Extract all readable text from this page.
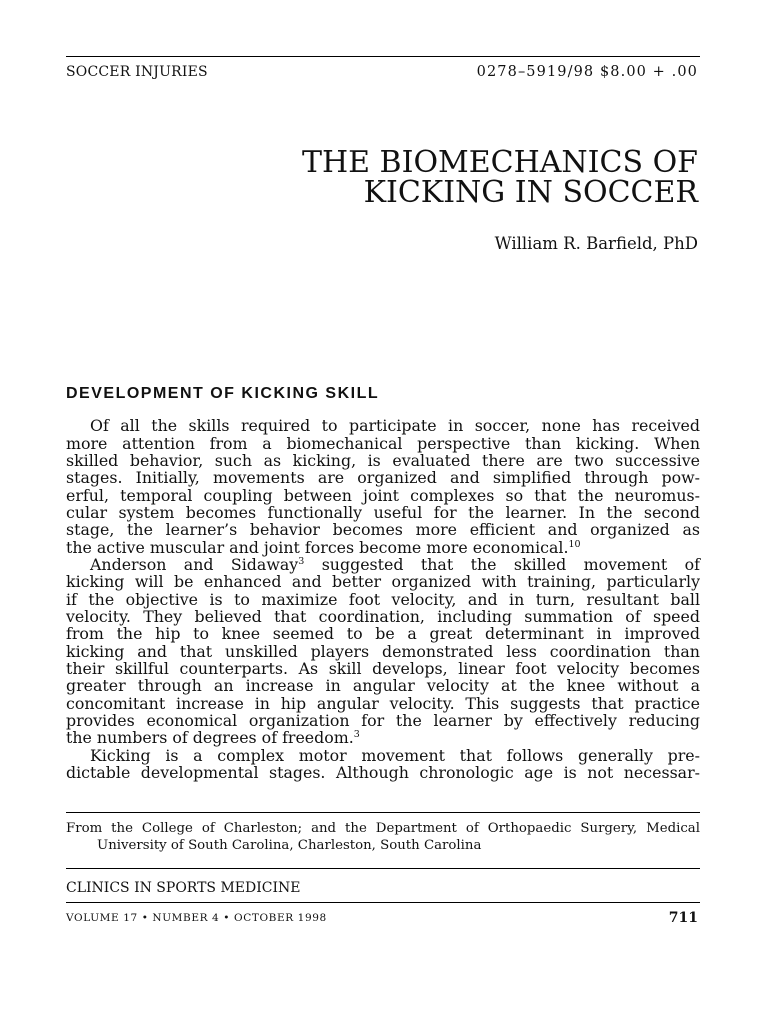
SOCCER INJURIES	0278–5919/98 $8.00 + .00
THE BIOMECHANICS OF
KICKING IN SOCCER
William R. Barfield, PhD
DEVELOPMENT OF KICKING SKILL
Of all the skills required to participate in soccer, none has received
more attention from a biomechanical perspective than kicking. When
skilled behavior, such as kicking, is evaluated there are two successive
stages. Initially, movements are organized and simplified through pow-
erful, temporal coupling between joint complexes so that the neuromus-
cular system becomes functionally useful for the learner. In the second
stage, the learner’s behavior becomes more efficient and organized as
the active muscular and joint forces become more economical.$^{10}$
Anderson and Sidaway$^3$ suggested that the skilled movement of
kicking will be enhanced and better organized with training, particularly
if the objective is to maximize foot velocity, and in turn, resultant ball
velocity. They believed that coordination, including summation of speed
from the hip to knee seemed to be a great determinant in improved
kicking and that unskilled players demonstrated less coordination than
their skillful counterparts. As skill develops, linear foot velocity becomes
greater through an increase in angular velocity at the knee without a
concomitant increase in hip angular velocity. This suggests that practice
provides economical organization for the learner by effectively reducing
the numbers of degrees of freedom.$^3$
Kicking is a complex motor movement that follows generally pre-
dictable developmental stages. Although chronologic age is not necessar-
From the College of Charleston; and the Department of Orthopaedic Surgery, Medical
University of South Carolina, Charleston, South Carolina
CLINICS IN SPORTS MEDICINE
VOLUME 17 • NUMBER 4 • OCTOBER 1998	711
